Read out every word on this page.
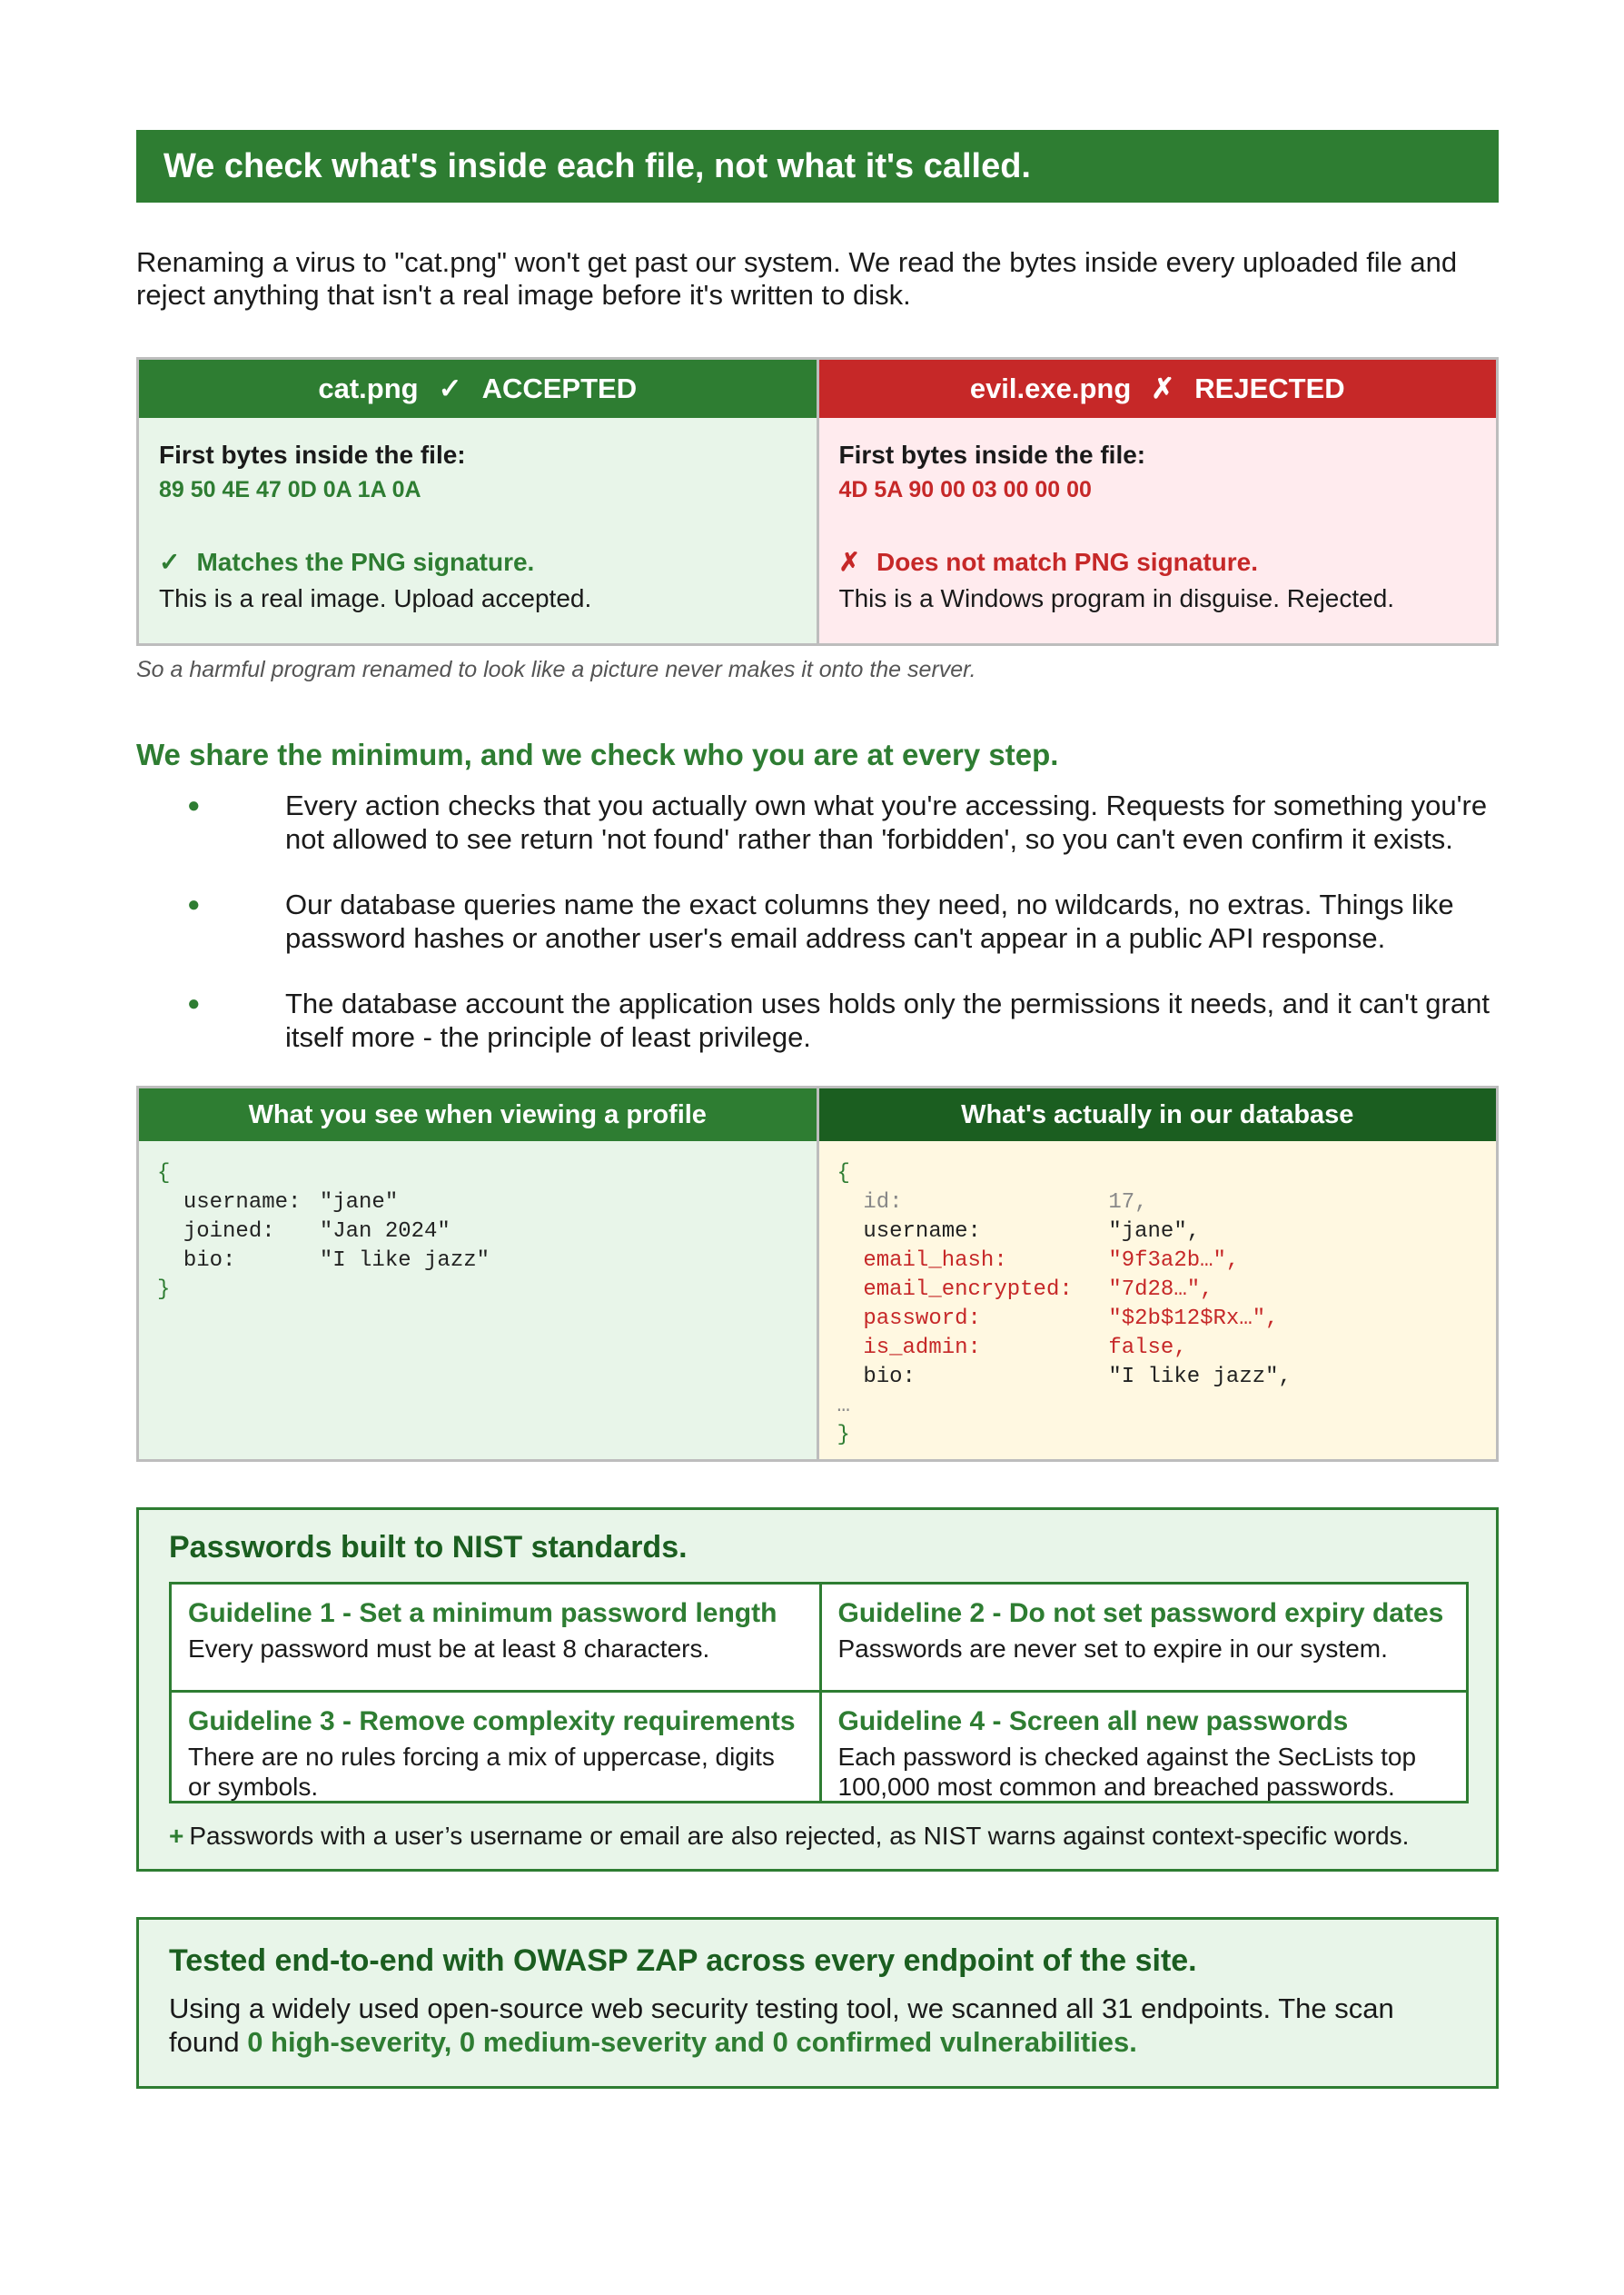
We check what's inside each file, not what it's called.

Renaming a virus to "cat.png" won't get past our system. We read the bytes inside every uploaded file and reject anything that isn't a real image before it's written to disk.

cat.png ✓ ACCEPTED
First bytes inside the file:
89 50 4E 47 0D 0A 1A 0A
✓ Matches the PNG signature.
This is a real image. Upload accepted.
evil.exe.png ✗ REJECTED
First bytes inside the file:
4D 5A 90 00 03 00 00 00
✗ Does not match PNG signature.
This is a Windows program in disguise. Rejected.

So a harmful program renamed to look like a picture never makes it onto the server.

We share the minimum, and we check who you are at every step.
●	Every action checks that you actually own what you're accessing. Requests for something you're not allowed to see return 'not found' rather than 'forbidden', so you can't even confirm it exists.
●	Our database queries name the exact columns they need, no wildcards, no extras. Things like password hashes or another user's email address can't appear in a public API response.
●	The database account the application uses holds only the permissions it needs, and it can't grant itself more - the principle of least privilege.
What you see when viewing a profile
{
username: "jane"
joined: "Jan 2024"
bio:	"I like jazz"
}
What's actually in our database
{
id:	17,
username:	"jane",
email_hash:	"9f3a2b…",
email_encrypted: "7d28…",
password:	"$2b$12$Rx…",
is_admin:	false,
bio:	"I like jazz",
…
}
Passwords built to NIST standards.
Guideline 1 - Set a minimum password length
Every password must be at least 8 characters.
Guideline 2 - Do not set password expiry dates
Passwords are never set to expire in our system.
Guideline 3 - Remove complexity requirements
There are no rules forcing a mix of uppercase, digits or symbols.
Guideline 4 - Screen all new passwords
Each password is checked against the SecLists top 100,000 most common and breached passwords.
+ Passwords with a user’s username or email are also rejected, as NIST warns against context-specific words.
Tested end-to-end with OWASP ZAP across every endpoint of the site.

Using a widely used open-source web security testing tool, we scanned all 31 endpoints. The scan found 0 high-severity, 0 medium-severity and 0 confirmed vulnerabilities.
